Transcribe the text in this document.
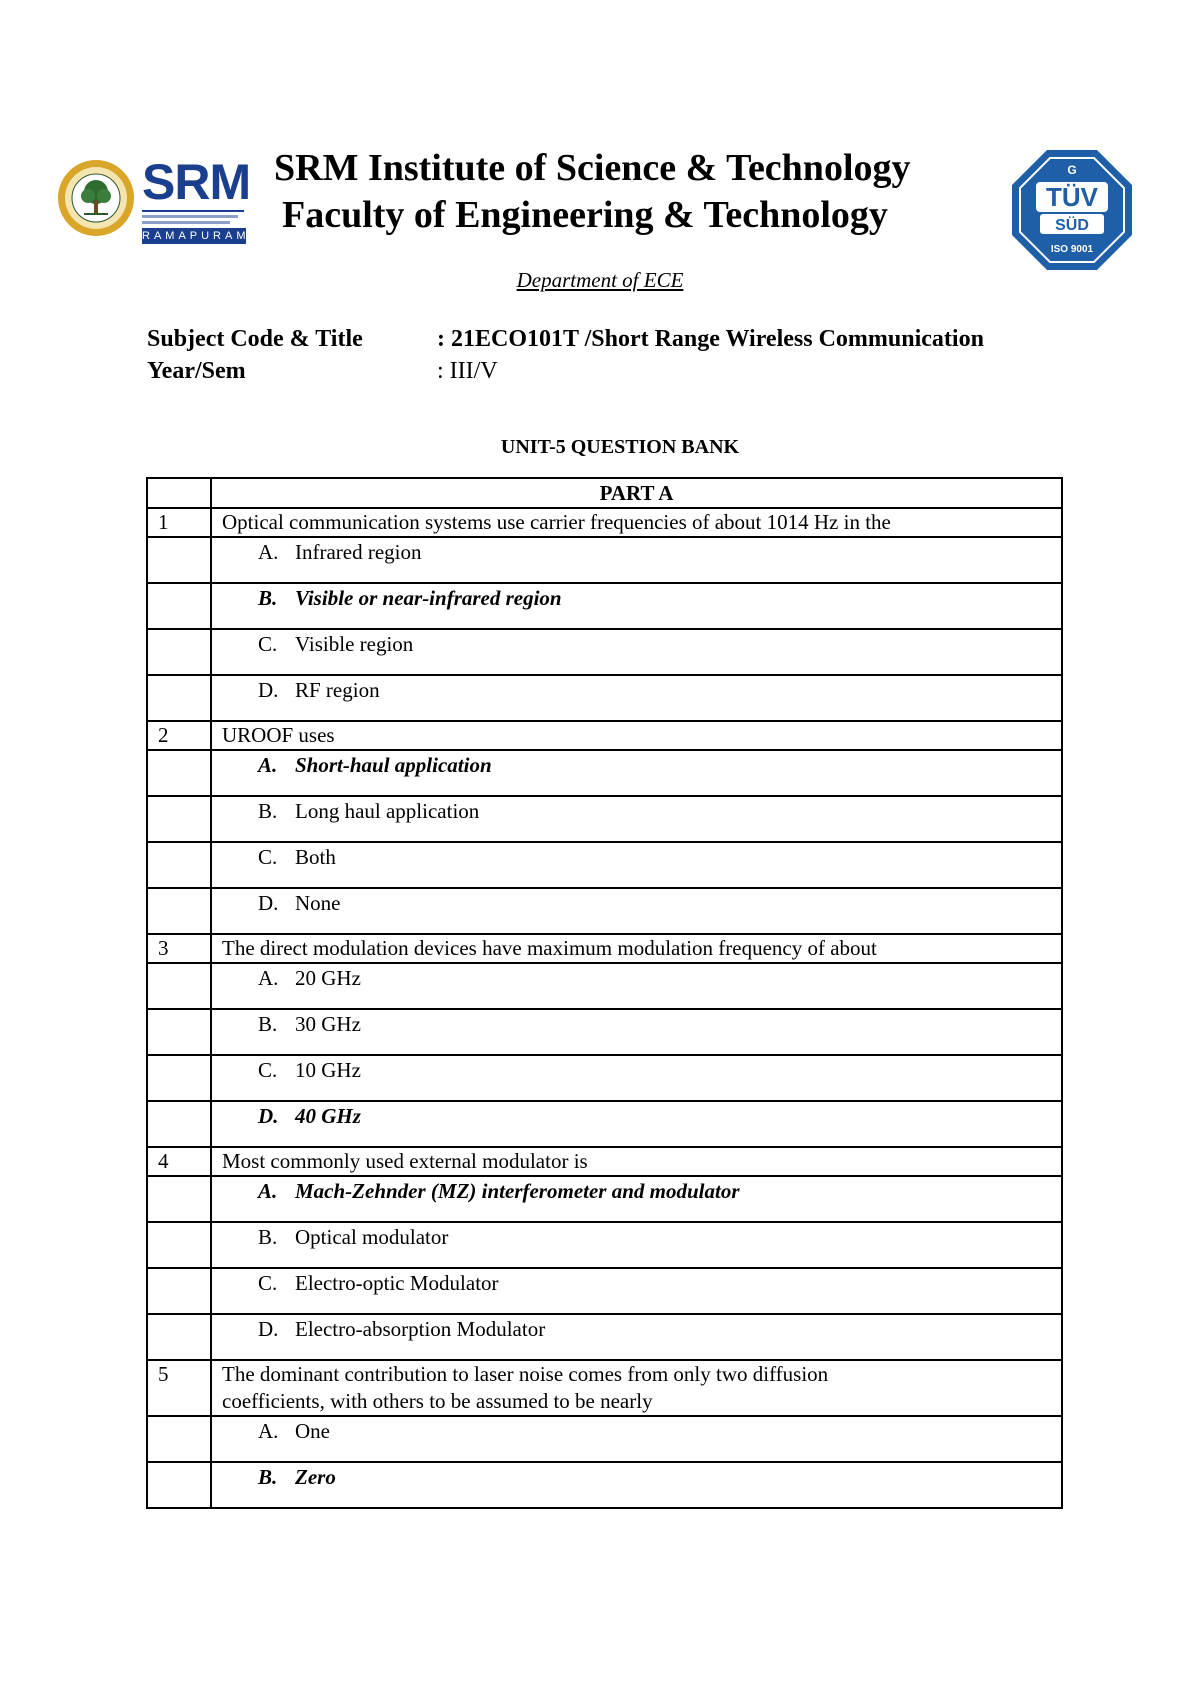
SRM
RAMAPURAM
SRM Institute of Science & Technology
Faculty of Engineering & Technology
G
TÜV
SÜD
ISO 9001
Department of ECE
Subject Code & Title	: 21ECO101T /Short Range Wireless Communication
Year/Sem	: III/V
UNIT-5 QUESTION BANK
	PART A
1	Optical communication systems use carrier frequencies of about 1014 Hz in the

	A. Infrared region

	B. Visible or near-infrared region

	C. Visible region

	D. RF region

2	UROOF uses

	A. Short-haul application

	B. Long haul application

	C. Both

	D. None

3	The direct modulation devices have maximum modulation frequency of about

	A. 20 GHz

	B. 30 GHz

	C. 10 GHz

	D. 40 GHz

4	Most commonly used external modulator is

	A. Mach-Zehnder (MZ) interferometer and modulator

	B. Optical modulator

	C. Electro-optic Modulator

	D. Electro-absorption Modulator

5	The dominant contribution to laser noise comes from only two diffusion
coefficients, with others to be assumed to be nearly

	A. One

	B. Zero
